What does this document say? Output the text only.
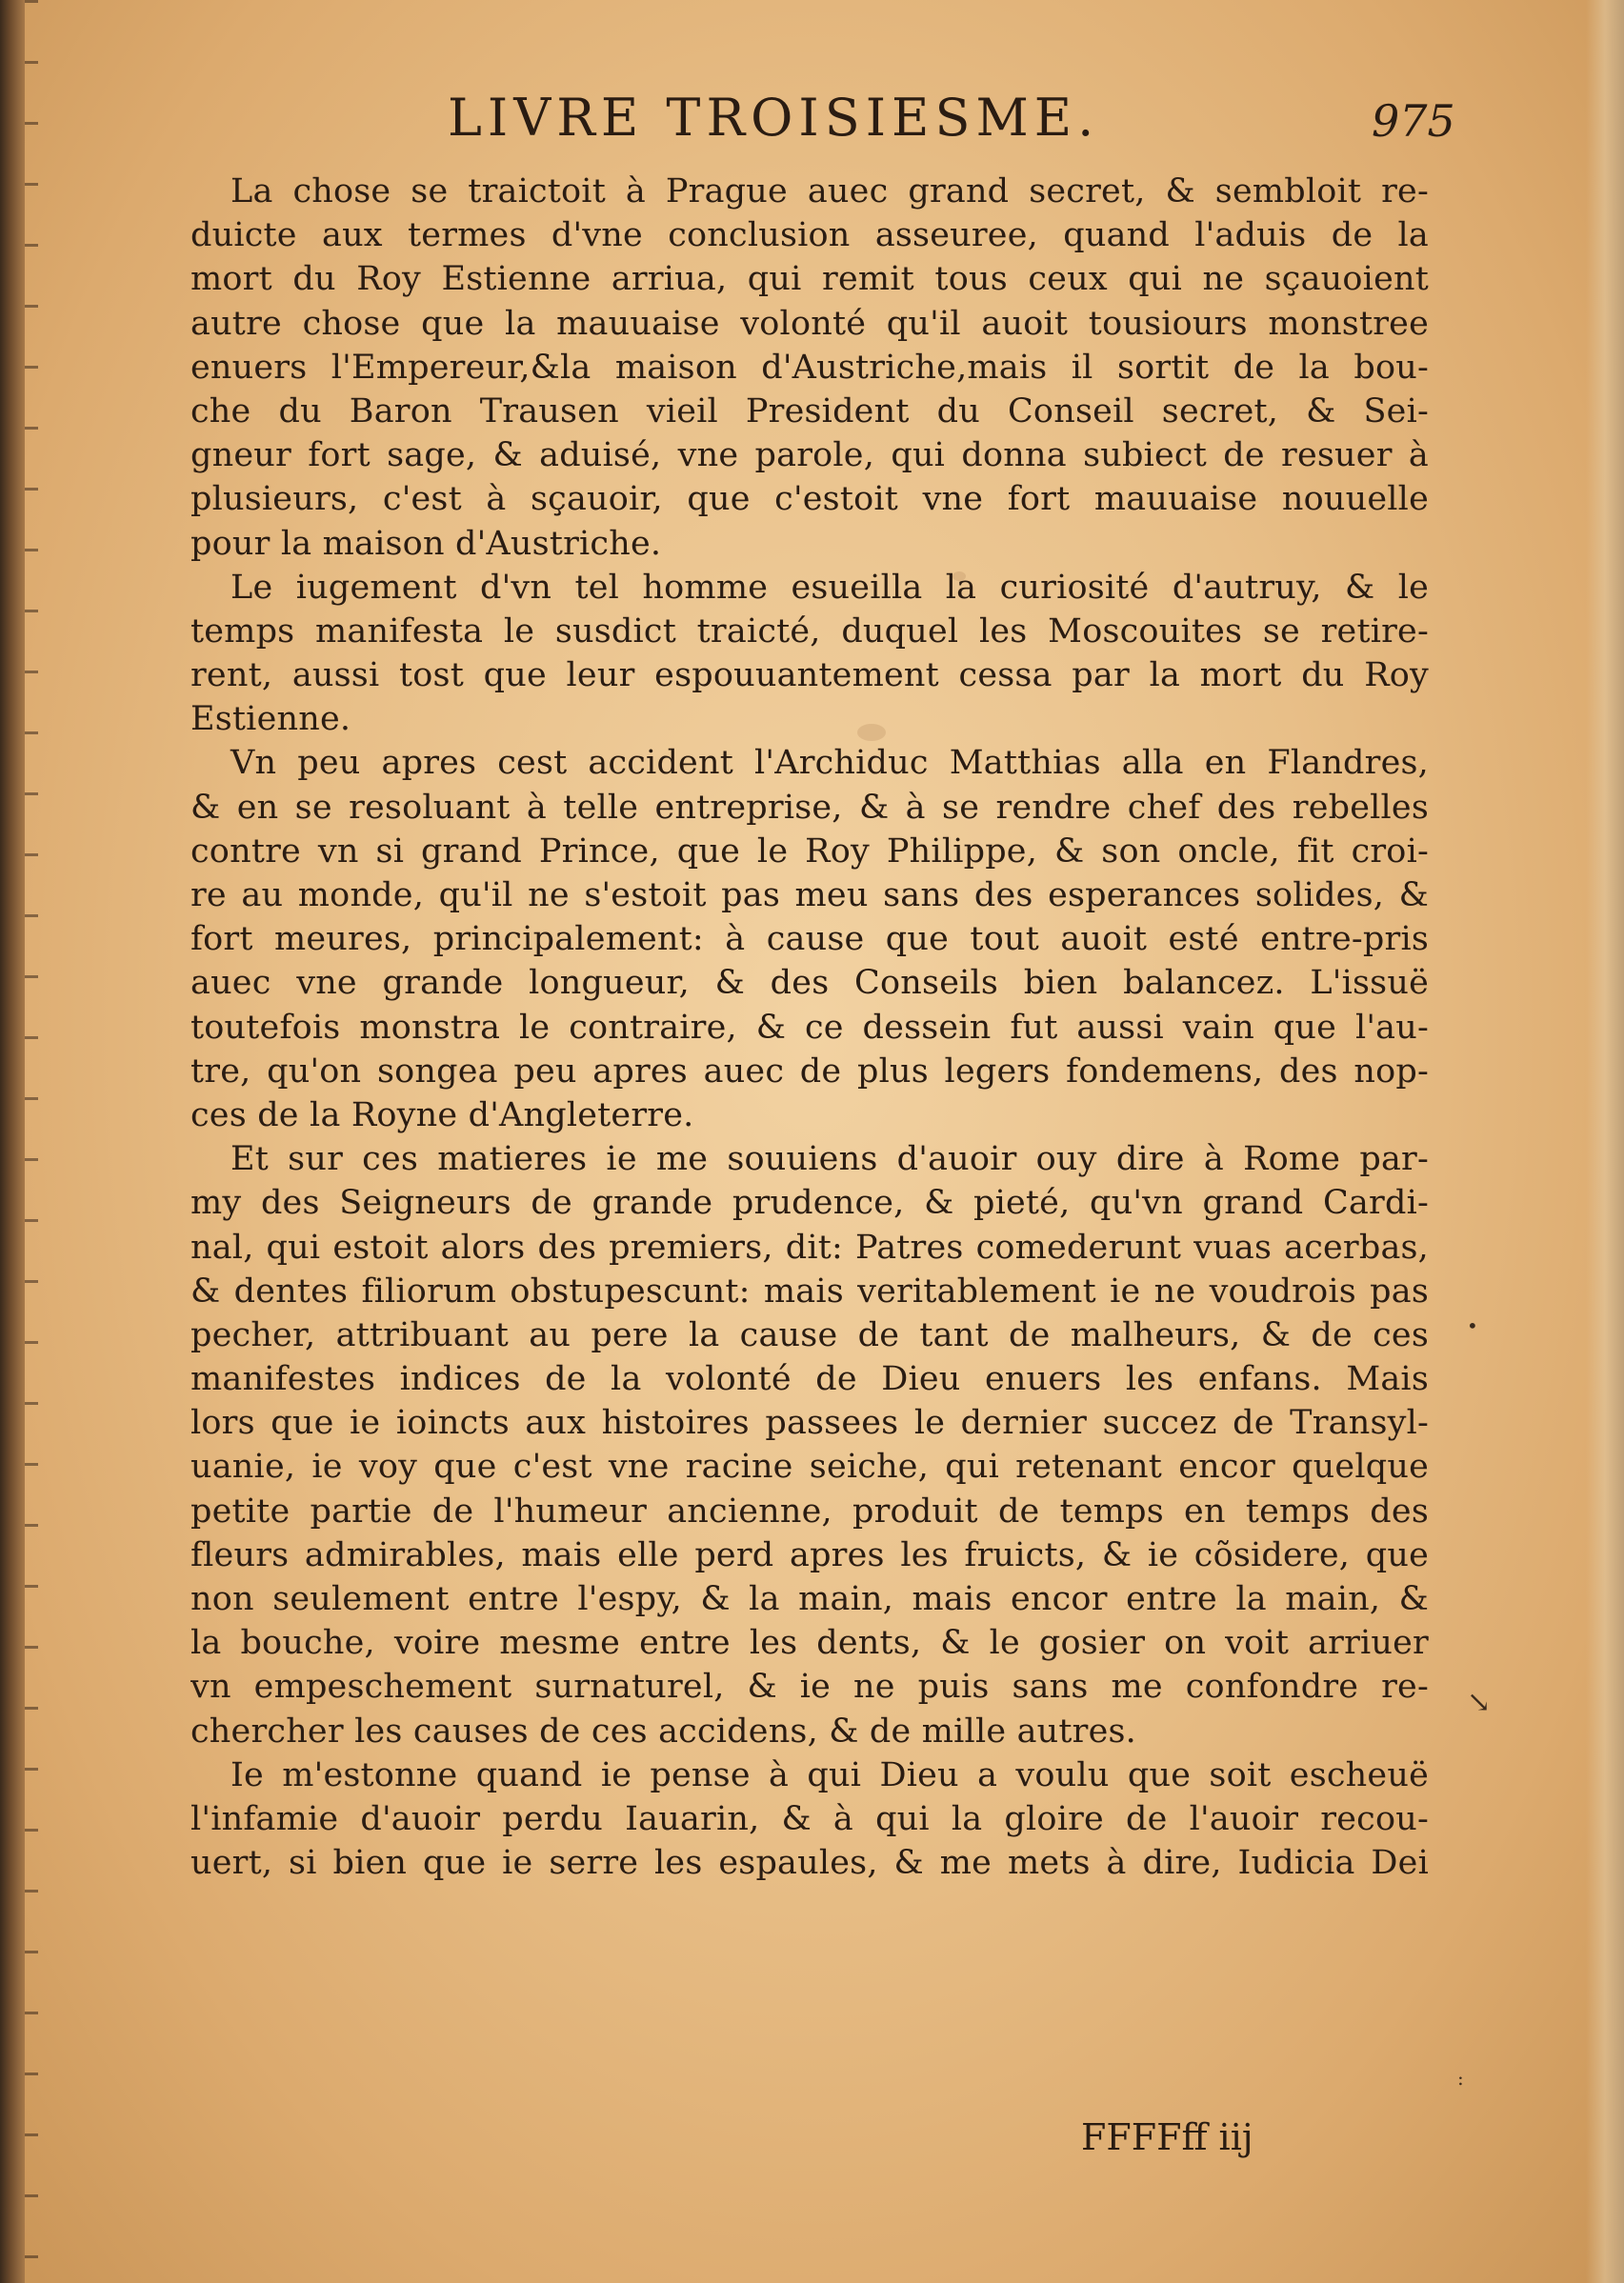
LIVRE TROISIESME.	975
La chose se traictoit à Prague auec grand secret, & sembloit re-
duicte aux termes d'vne conclusion asseuree, quand l'aduis de la
mort du Roy Estienne arriua, qui remit tous ceux qui ne sçauoient
autre chose que la mauuaise volonté qu'il auoit tousiours monstree
enuers l'Empereur,&la maison d'Austriche,mais il sortit de la bou-
che du Baron Trausen vieil President du Conseil secret, & Sei-
gneur fort sage, & aduisé, vne parole, qui donna subiect de resuer à
plusieurs, c'est à sçauoir, que c'estoit vne fort mauuaise nouuelle
pour la maison d'Austriche.
Le iugement d'vn tel homme esueilla la curiosité d'autruy, & le
temps manifesta le susdict traicté, duquel les Moscouites se retire-
rent, aussi tost que leur espouuantement cessa par la mort du Roy
Estienne.
Vn peu apres cest accident l'Archiduc Matthias alla en Flandres,
& en se resoluant à telle entreprise, & à se rendre chef des rebelles
contre vn si grand Prince, que le Roy Philippe, & son oncle, fit croi-
re au monde, qu'il ne s'estoit pas meu sans des esperances solides, &
fort meures, principalement: à cause que tout auoit esté entre-pris
auec vne grande longueur, & des Conseils bien balancez. L'issuë
toutefois monstra le contraire, & ce dessein fut aussi vain que l'au-
tre, qu'on songea peu apres auec de plus legers fondemens, des nop-
ces de la Royne d'Angleterre.
Et sur ces matieres ie me souuiens d'auoir ouy dire à Rome par-
my des Seigneurs de grande prudence, & pieté, qu'vn grand Cardi-
nal, qui estoit alors des premiers, dit: Patres comederunt vuas acerbas,
& dentes filiorum obstupescunt: mais veritablement ie ne voudrois pas
pecher, attribuant au pere la cause de tant de malheurs, & de ces
manifestes indices de la volonté de Dieu enuers les enfans. Mais
lors que ie ioincts aux histoires passees le dernier succez de Transyl-
uanie, ie voy que c'est vne racine seiche, qui retenant encor quelque
petite partie de l'humeur ancienne, produit de temps en temps des
fleurs admirables, mais elle perd apres les fruicts, & ie cõsidere, que
non seulement entre l'espy, & la main, mais encor entre la main, &
la bouche, voire mesme entre les dents, & le gosier on voit arriuer
vn empeschement surnaturel, & ie ne puis sans me confondre re-
chercher les causes de ces accidens, & de mille autres.
Ie m'estonne quand ie pense à qui Dieu a voulu que soit escheuë
l'infamie d'auoir perdu Iauarin, & à qui la gloire de l'auoir recou-
uert, si bien que ie serre les espaules, & me mets à dire, Iudicia Dei
FFFFff iij
↘
•
:
